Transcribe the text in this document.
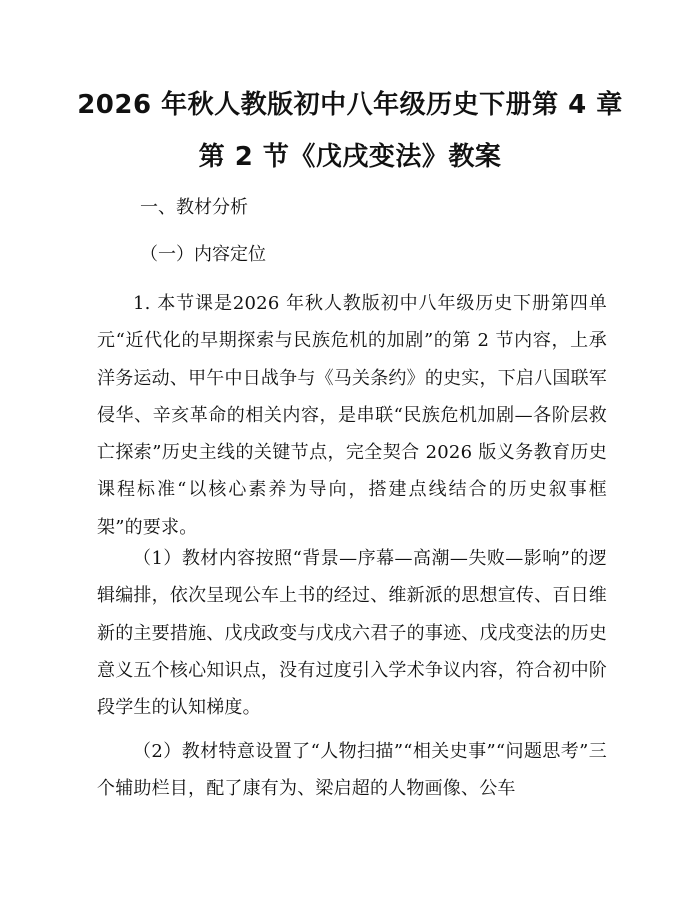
2026 年秋人教版初中八年级历史下册第 4 章
第 2 节《戊戌变法》教案
一、教材分析
（一）内容定位
1. 本节课是2026 年秋人教版初中八年级历史下册第四单元“近代化的早期探索与民族危机的加剧”的第 2 节内容，上承洋务运动、甲午中日战争与《马关条约》的史实，下启八国联军侵华、辛亥革命的相关内容，是串联“民族危机加剧—各阶层救亡探索”历史主线的关键节点，完全契合 2026 版义务教育历史课程标准“以核心素养为导向，搭建点线结合的历史叙事框架”的要求。
（1）教材内容按照“背景—序幕—高潮—失败—影响”的逻辑编排，依次呈现公车上书的经过、维新派的思想宣传、百日维新的主要措施、戊戌政变与戊戌六君子的事迹、戊戌变法的历史意义五个核心知识点，没有过度引入学术争议内容，符合初中阶段学生的认知梯度。
（2）教材特意设置了“人物扫描”“相关史事”“问题思考”三个辅助栏目，配了康有为、梁启超的人物画像、公车
